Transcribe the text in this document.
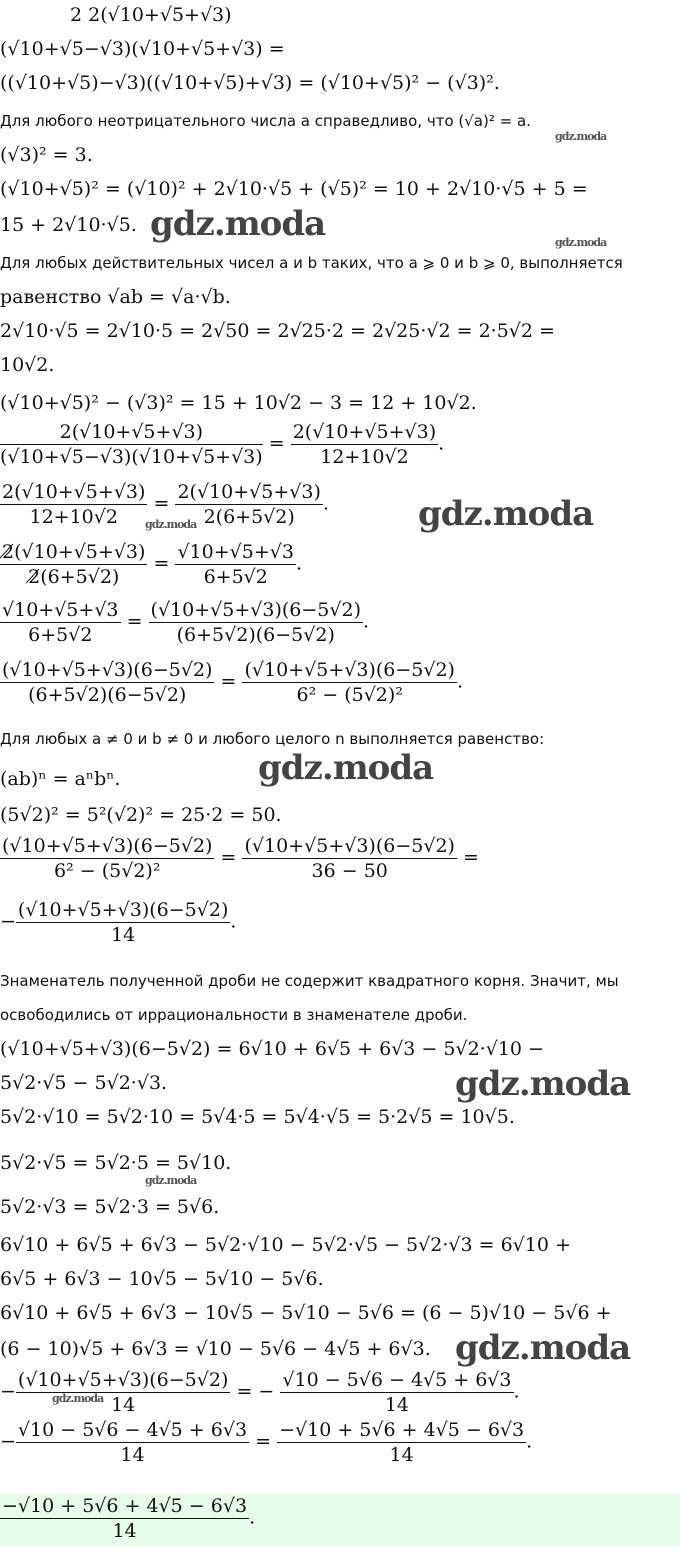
2 2(√10+√5+√3)
(√10+√5−√3)(√10+√5+√3) =
((√10+√5)−√3)((√10+√5)+√3) = (√10+√5)² − (√3)².
Для любого неотрицательного числа a справедливо, что (√a)² = a.
(√3)² = 3.
(√10+√5)² = (√10)² + 2√10·√5 + (√5)² = 10 + 2√10·√5 + 5 =
15 + 2√10·√5.
Для любых действительных чисел a и b таких, что a ⩾ 0 и b ⩾ 0, выполняется
равенство √ab = √a·√b.
2√10·√5 = 2√10·5 = 2√50 = 2√25·2 = 2√25·√2 = 2·5√2 =
10√2.
(√10+√5)² − (√3)² = 15 + 10√2 − 3 = 12 + 10√2.
$\frac{2(√10+√5+√3)}{(√10+√5-√3)(√10+√5+√3)} = \frac{2(√10+√5+√3)}{12+10√2}$ .
$\frac{2(√10+√5+√3)}{12+10√2} = \frac{2(√10+√5+√3)}{2(6+5√2)}$ .
$\frac{2̸(√10+√5+√3)}{2̸(6+5√2)} = \frac{√10+√5+√3}{6+5√2}$ .
$\frac{√10+√5+√3}{6+5√2} = \frac{(√10+√5+√3)(6-5√2)}{(6+5√2)(6-5√2)}$ .
$\frac{(√10+√5+√3)(6-5√2)}{(6+5√2)(6-5√2)} = \frac{(√10+√5+√3)(6-5√2)}{\text{6² − (5√2)²}}$ .
Для любых a ≠ 0 и b ≠ 0 и любого целого n выполняется равенство:
(ab)ⁿ = aⁿbⁿ.
(5√2)² = 5²(√2)² = 25·2 = 50.
$\frac{(√10+√5+√3)(6-5√2)}{\text{6² − (5√2)²}} = \frac{(√10+√5+√3)(6-5√2)}{36 - 50}$ =
− $\frac{(√10+√5+√3)(6-5√2)}{14}$ .
Знаменатель полученной дроби не содержит квадратного корня. Значит, мы
освободились от иррациональности в знаменателе дроби.
(√10+√5+√3)(6−5√2) = 6√10 + 6√5 + 6√3 − 5√2·√10 −
5√2·√5 − 5√2·√3.
5√2·√10 = 5√2·10 = 5√4·5 = 5√4·√5 = 5·2√5 = 10√5.
5√2·√5 = 5√2·5 = 5√10.
5√2·√3 = 5√2·3 = 5√6.
6√10 + 6√5 + 6√3 − 5√2·√10 − 5√2·√5 − 5√2·√3 = 6√10 +
6√5 + 6√3 − 10√5 − 5√10 − 5√6.
6√10 + 6√5 + 6√3 − 10√5 − 5√10 − 5√6 = (6 − 5)√10 − 5√6 +
(6 − 10)√5 + 6√3 = √10 − 5√6 − 4√5 + 6√3.
− $\frac{(√10+√5+√3)(6-5√2)}{14}$ = − $\frac{√10 - 5√6 - 4√5 + 6√3}{14}$ .
− $\frac{√10 - 5√6 - 4√5 + 6√3}{14} = \frac{-√10 + 5√6 + 4√5 - 6√3}{14}$ .
$\frac{-√10 + 5√6 + 4√5 - 6√3}{14}$ .
gdz.moda
gdz.moda
gdz.moda
gdz.moda
gdz.moda
gdz.moda
gdz.moda
gdz.moda
gdz.moda
gdz.moda
